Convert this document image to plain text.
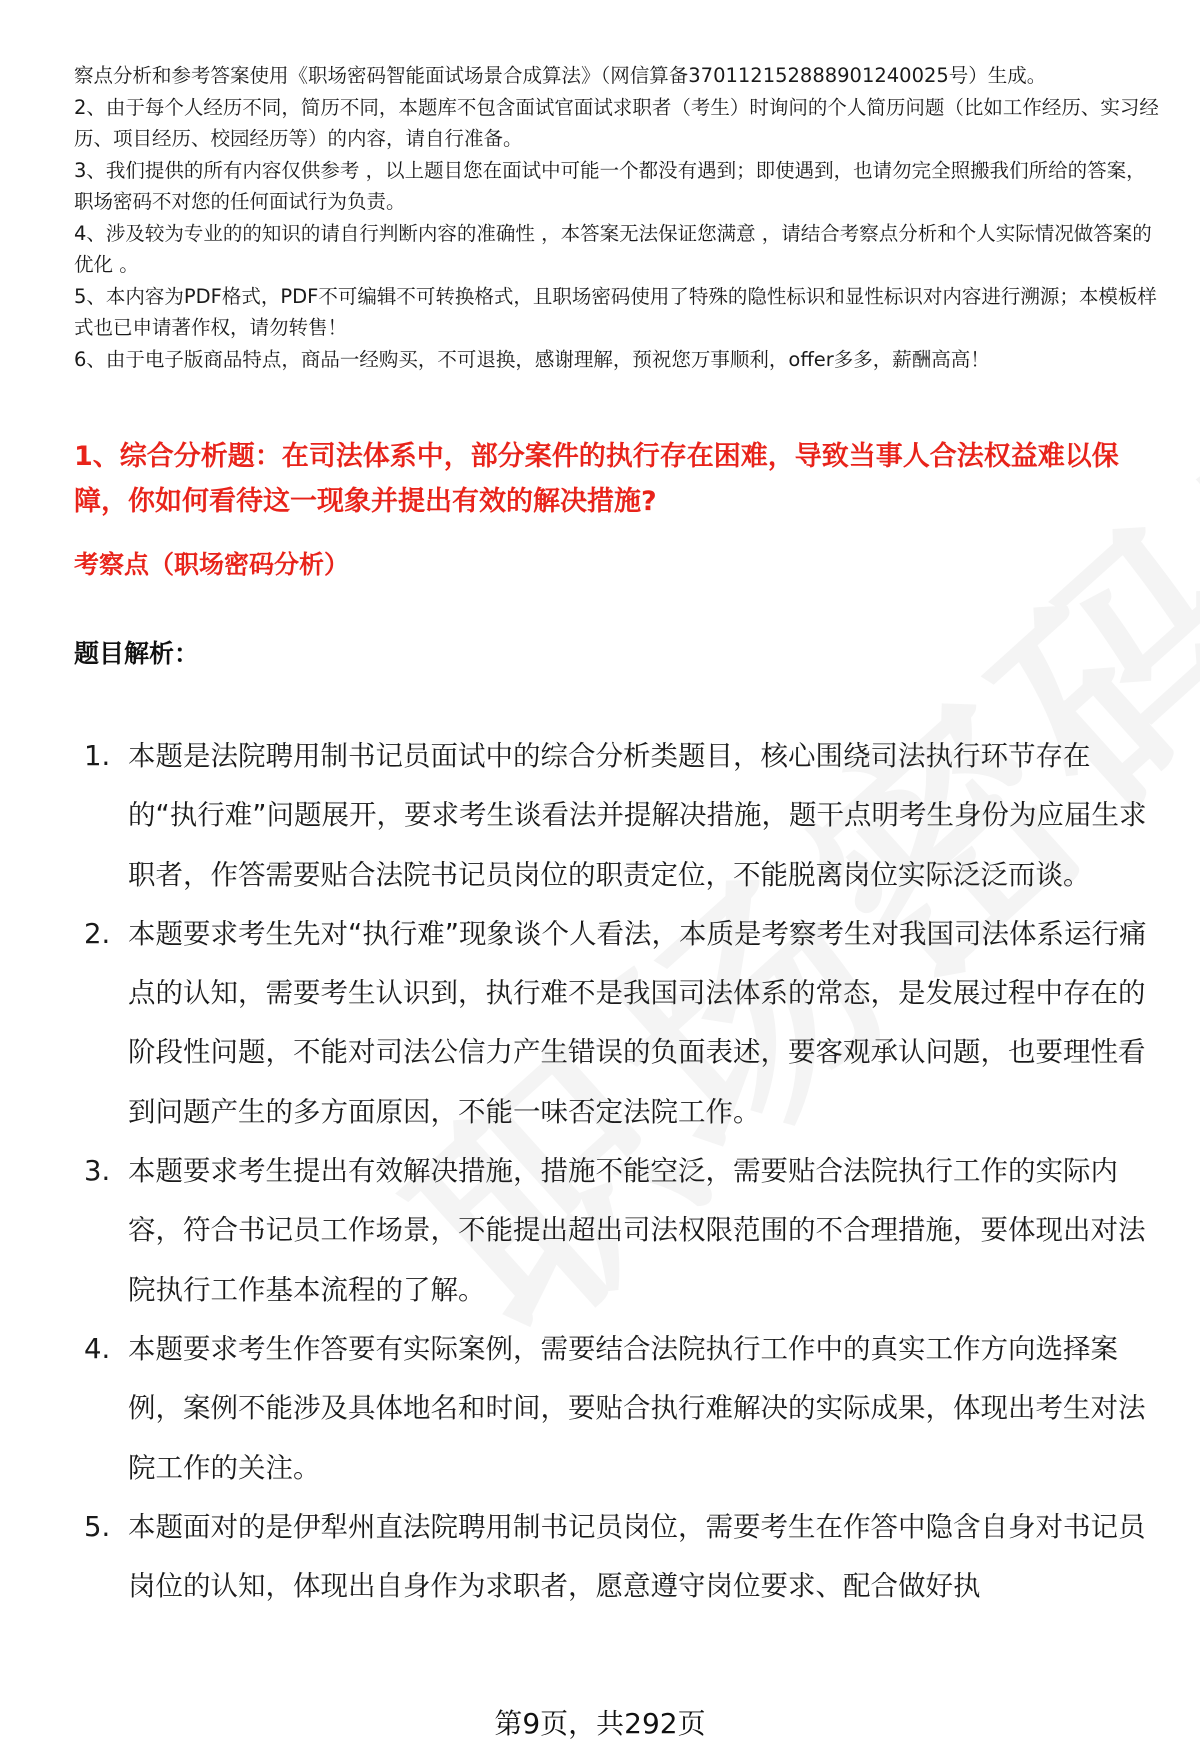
察点分析和参考答案使用《职场密码智能面试场景合成算法》（网信算备370112152888901240025号）生成。

2、由于每个人经历不同，简历不同，本题库不包含面试官面试求职者（考生）时询问的个人简历问题（比如工作经历、实习经历、项目经历、校园经历等）的内容，请自行准备。

3、我们提供的所有内容仅供参考 ，以上题目您在面试中可能一个都没有遇到；即使遇到，也请勿完全照搬我们所给的答案，职场密码不对您的任何面试行为负责。

4、涉及较为专业的的知识的请自行判断内容的准确性 ，本答案无法保证您满意 ，请结合考察点分析和个人实际情况做答案的优化 。

5、本内容为PDF格式，PDF不可编辑不可转换格式，且职场密码使用了特殊的隐性标识和显性标识对内容进行溯源；本模板样式也已申请著作权，请勿转售！

6、由于电子版商品特点，商品一经购买，不可退换，感谢理解，预祝您万事顺利，offer多多，薪酬高高！

1、综合分析题：在司法体系中，部分案件的执行存在困难，导致当事人合法权益难以保障，你如何看待这一现象并提出有效的解决措施?
考察点（职场密码分析）
题目解析：
1. 本题是法院聘用制书记员面试中的综合分析类题目，核心围绕司法执行环节存在的“执行难”问题展开，要求考生谈看法并提解决措施，题干点明考生身份为应届生求职者，作答需要贴合法院书记员岗位的职责定位，不能脱离岗位实际泛泛而谈。
2. 本题要求考生先对“执行难”现象谈个人看法，本质是考察考生对我国司法体系运行痛点的认知，需要考生认识到，执行难不是我国司法体系的常态，是发展过程中存在的阶段性问题，不能对司法公信力产生错误的负面表述，要客观承认问题，也要理性看到问题产生的多方面原因，不能一味否定法院工作。
3. 本题要求考生提出有效解决措施，措施不能空泛，需要贴合法院执行工作的实际内容，符合书记员工作场景，不能提出超出司法权限范围的不合理措施，要体现出对法院执行工作基本流程的了解。
4. 本题要求考生作答要有实际案例，需要结合法院执行工作中的真实工作方向选择案例，案例不能涉及具体地名和时间，要贴合执行难解决的实际成果，体现出考生对法院工作的关注。
5. 本题面对的是伊犁州直法院聘用制书记员岗位，需要考生在作答中隐含自身对书记员岗位的认知，体现出自身作为求职者，愿意遵守岗位要求、配合做好执
第9页，共292页
